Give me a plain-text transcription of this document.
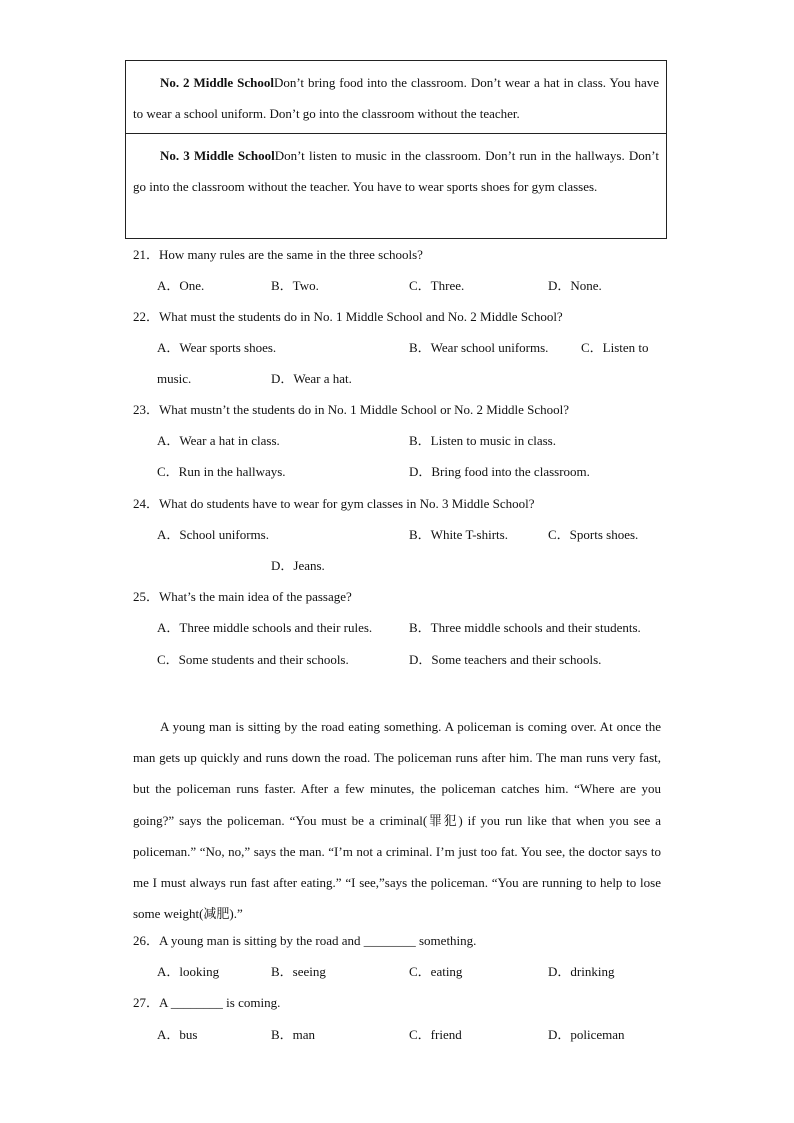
No. 2 Middle SchoolDon’t bring food into the classroom. Don’t wear a hat in class. You have to wear a school uniform. Don’t go into the classroom without the teacher.
No. 3 Middle SchoolDon’t listen to music in the classroom. Don’t run in the hallways. Don’t go into the classroom without the teacher. You have to wear sports shoes for gym classes.
21．How many rules are the same in the three schools?
A．One.	B．Two.	C．Three.	D．None.
22．What must the students do in No. 1 Middle School and No. 2 Middle School?
A．Wear sports shoes.	B．Wear school uniforms.	C．Listen to
music.	D．Wear a hat.
23．What mustn’t the students do in No. 1 Middle School or No. 2 Middle School?
A．Wear a hat in class.	B．Listen to music in class.
C．Run in the hallways.	D．Bring food into the classroom.
24．What do students have to wear for gym classes in No. 3 Middle School?
A．School uniforms.	B．White T-shirts.	C．Sports shoes.
D．Jeans.
25．What’s the main idea of the passage?
A．Three middle schools and their rules.	B．Three middle schools and their students.
C．Some students and their schools.	D．Some teachers and their schools.
A young man is sitting by the road eating something. A policeman is coming over. At once the man gets up quickly and runs down the road. The policeman runs after him. The man runs very fast, but the policeman runs faster. After a few minutes, the policeman catches him. “Where are you going?” says the policeman. “You must be a criminal(罪犯) if you run like that when you see a policeman.” “No, no,” says the man. “I’m not a criminal. I’m just too fat. You see, the doctor says to me I must always run fast after eating.” “I see,”says the policeman. “You are running to help to lose some weight(减肥).”
26．A young man is sitting by the road and ________ something.
A．looking	B．seeing	C．eating	D．drinking
27．A ________ is coming.
A．bus	B．man	C．friend	D．policeman
